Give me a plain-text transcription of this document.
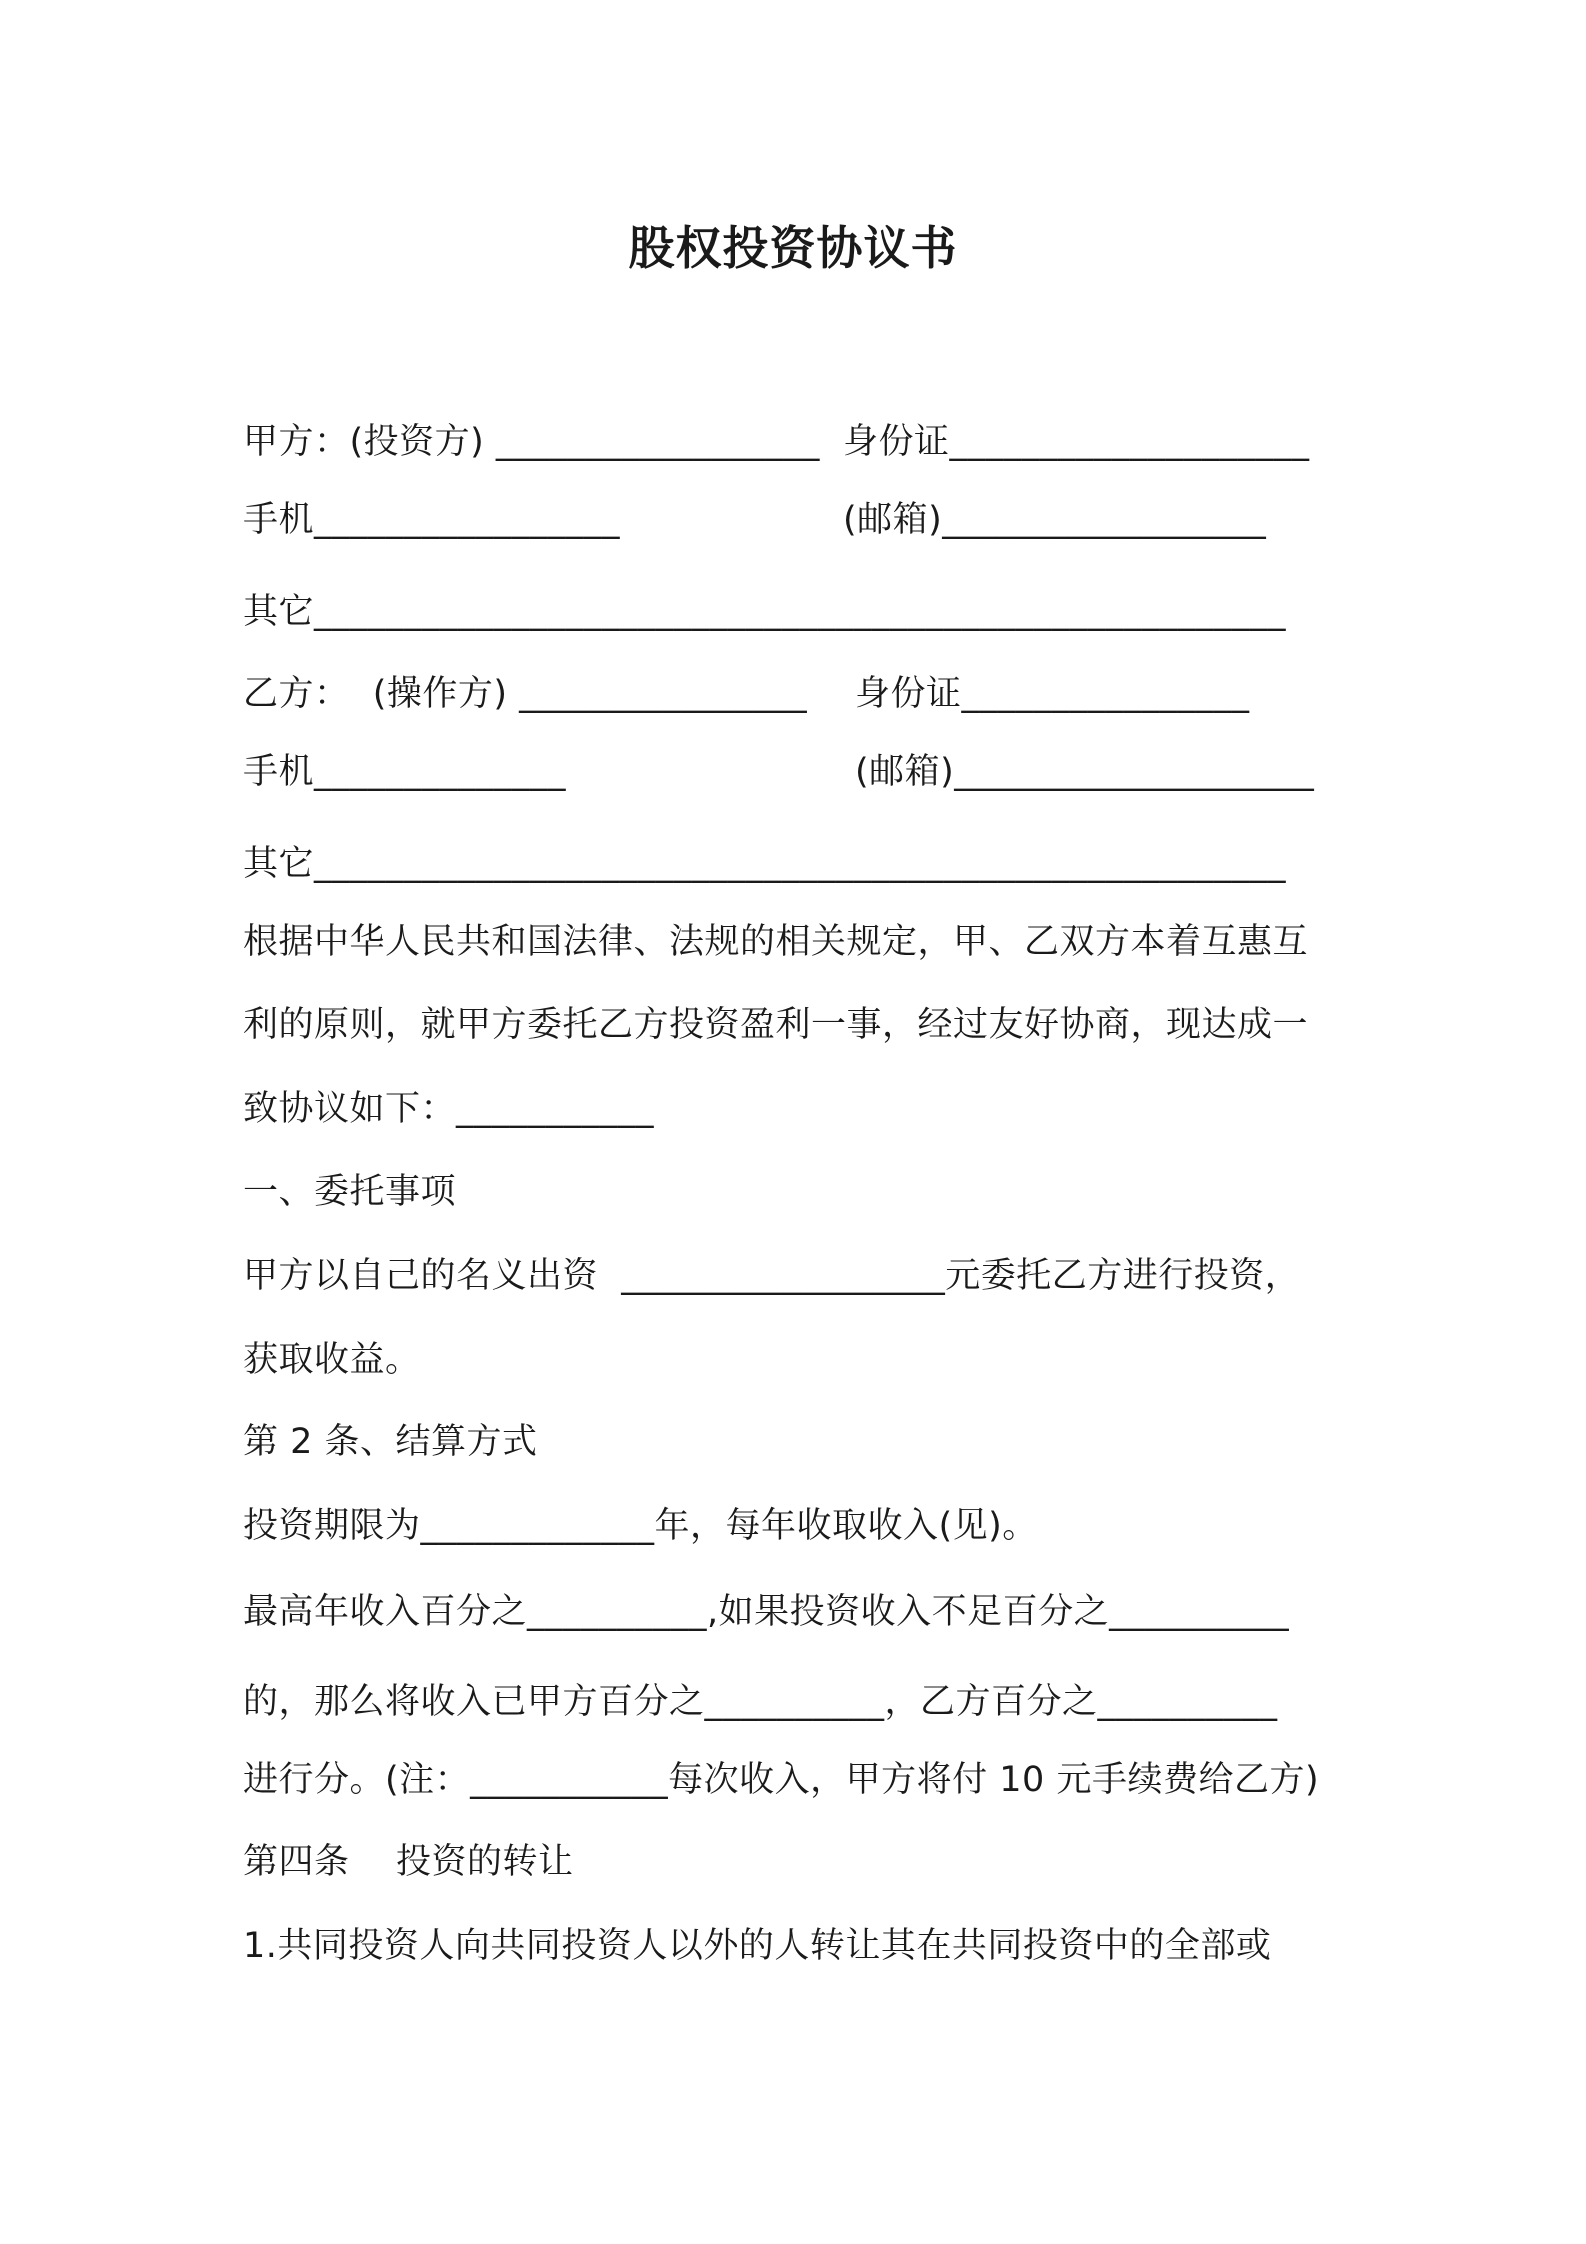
股权投资协议书
甲方：(投资方) __________________ 身份证____________________
手机_________________	(邮箱)__________________
其它______________________________________________________
乙方：  (操作方) ________________ 身份证________________
手机______________	(邮箱)____________________
其它______________________________________________________
根据中华人民共和国法律、法规的相关规定，甲、乙双方本着互惠互
利的原则，就甲方委托乙方投资盈利一事，经过友好协商，现达成一
致协议如下：___________
一、委托事项
甲方以自己的名义出资  __________________元委托乙方进行投资，
获取收益。
第 2 条、结算方式
投资期限为_____________年，每年收取收入(见)。
最高年收入百分之__________,如果投资收入不足百分之__________
的，那么将收入已甲方百分之__________，乙方百分之__________
进行分。(注：___________每次收入，甲方将付 10 元手续费给乙方)
第四条    投资的转让
1.共同投资人向共同投资人以外的人转让其在共同投资中的全部或
